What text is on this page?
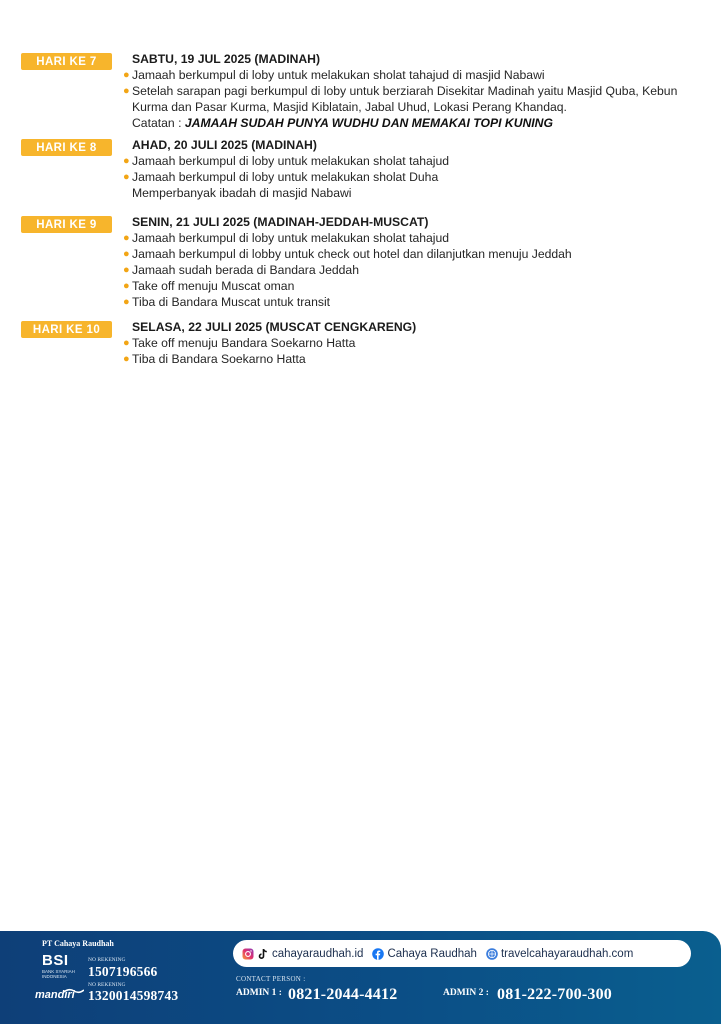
HARI KE 7	SABTU, 19 JUL 2025 (MADINAH)
● Jamaah berkumpul di loby untuk melakukan sholat tahajud di masjid Nabawi
● Setelah sarapan pagi berkumpul di loby untuk berziarah Disekitar Madinah yaitu Masjid Quba, Kebun Kurma dan Pasar Kurma, Masjid Kiblatain, Jabal Uhud, Lokasi Perang Khandaq.
Catatan : JAMAAH SUDAH PUNYA WUDHU DAN MEMAKAI TOPI KUNING
HARI KE 8	AHAD, 20 JULI 2025 (MADINAH)
● Jamaah berkumpul di loby untuk melakukan sholat tahajud
● Jamaah berkumpul di loby untuk melakukan sholat Duha
Memperbanyak ibadah di masjid Nabawi
HARI KE 9	SENIN, 21 JULI 2025 (MADINAH-JEDDAH-MUSCAT)
● Jamaah berkumpul di loby untuk melakukan sholat tahajud
● Jamaah berkumpul di lobby untuk check out hotel dan dilanjutkan menuju Jeddah
● Jamaah sudah berada di Bandara Jeddah
● Take off menuju Muscat oman
● Tiba di Bandara Muscat untuk transit
HARI KE 10	SELASA, 22 JULI 2025 (MUSCAT CENGKARENG)
● Take off menuju Bandara Soekarno Hatta
● Tiba di Bandara Soekarno Hatta
PT Cahaya Raudhah
BSI
BANK SYARIAH INDONESIA
NO REKENING
1507196566
mandiri
NO REKENING
1320014598743
cahayaraudhah.id Cahaya Raudhah travelcahayaraudhah.com
CONTACT PERSON :
ADMIN 1 : 0821-2044-4412	ADMIN 2 : 081-222-700-300
